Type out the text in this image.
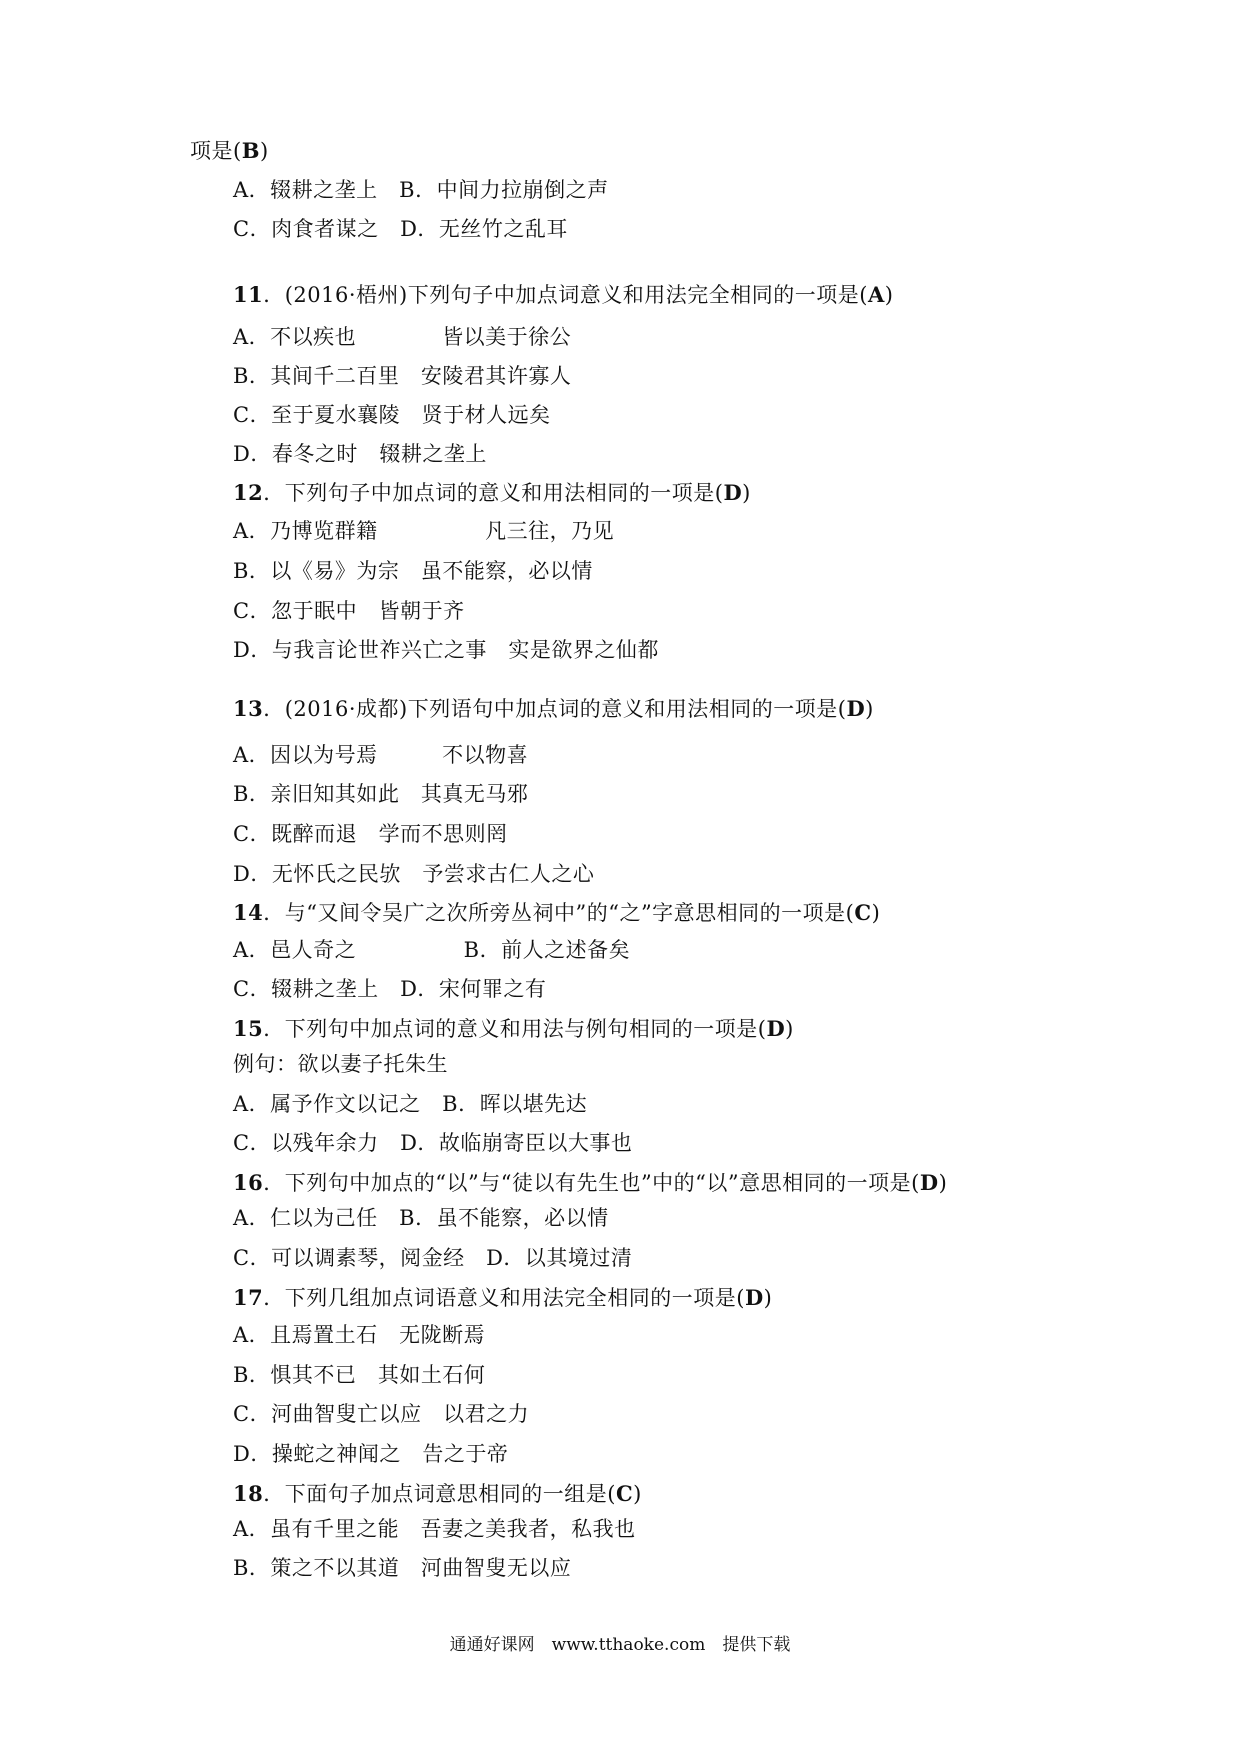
项是(B)
A．辍耕之垄上　B．中间力拉崩倒之声
C．肉食者谋之　D．无丝竹之乱耳
11．(2016·梧州)下列句子中加点词意义和用法完全相同的一项是(A)
A．不以疾也　　　　皆以美于徐公
B．其间千二百里　安陵君其许寡人
C．至于夏水襄陵　贤于材人远矣
D．春冬之时　辍耕之垄上
12．下列句子中加点词的意义和用法相同的一项是(D)
A．乃博览群籍　　　　　凡三往，乃见
B．以《易》为宗　虽不能察，必以情
C．忽于眠中　皆朝于齐
D．与我言论世祚兴亡之事　实是欲界之仙都
13．(2016·成都)下列语句中加点词的意义和用法相同的一项是(D)
A．因以为号焉　　　不以物喜
B．亲旧知其如此　其真无马邪
C．既醉而退　学而不思则罔
D．无怀氏之民欤　予尝求古仁人之心
14．与“又间令吴广之次所旁丛祠中”的“之”字意思相同的一项是(C)
A．邑人奇之　　　　　B．前人之述备矣
C．辍耕之垄上　D．宋何罪之有
15．下列句中加点词的意义和用法与例句相同的一项是(D)
例句：欲以妻子托朱生
A．属予作文以记之　B．晖以堪先达
C．以残年余力　D．故临崩寄臣以大事也
16．下列句中加点的“以”与“徒以有先生也”中的“以”意思相同的一项是(D)
A．仁以为己任　B．虽不能察，必以情
C．可以调素琴，阅金经　D．以其境过清
17．下列几组加点词语意义和用法完全相同的一项是(D)
A．且焉置土石　无陇断焉
B．惧其不已　其如土石何
C．河曲智叟亡以应　以君之力
D．操蛇之神闻之　告之于帝
18．下面句子加点词意思相同的一组是(C)
A．虽有千里之能　吾妻之美我者，私我也
B．策之不以其道　河曲智叟无以应
通通好课网　www.tthaoke.com　提供下载
